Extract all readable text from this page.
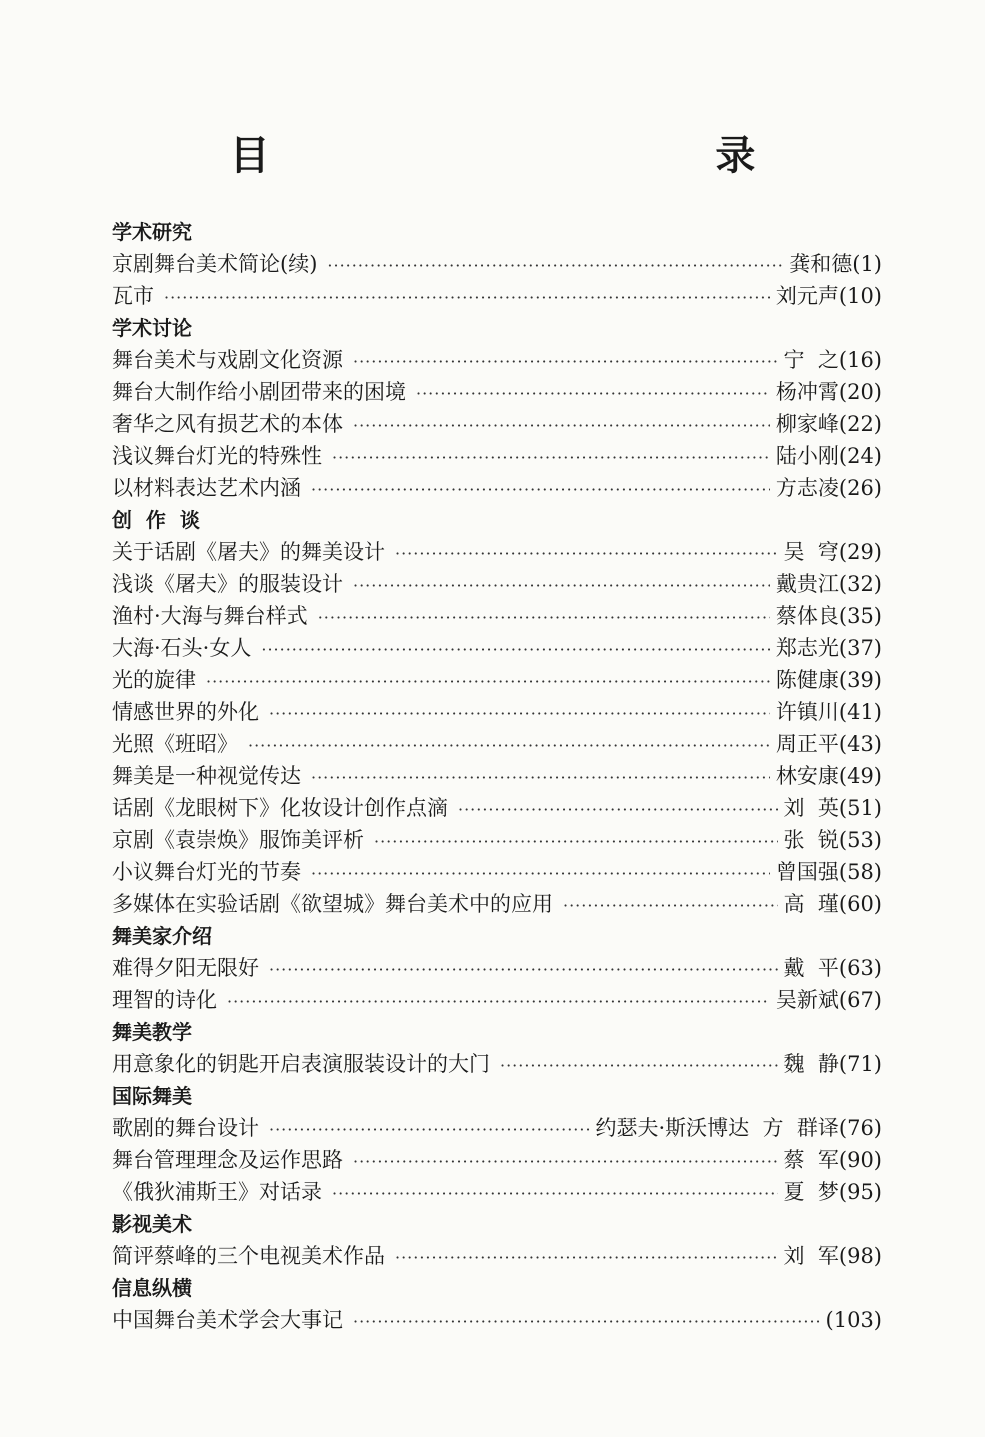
目    录
学术研究
京剧舞台美术简论(续) ·····	龚和德(1)
瓦市 ·····	刘元声(10)
学术讨论
舞台美术与戏剧文化资源 ·····	宁  之(16)
舞台大制作给小剧团带来的困境 ·····	杨冲霄(20)
奢华之风有损艺术的本体 ·····	柳家峰(22)
浅议舞台灯光的特殊性 ·····	陆小刚(24)
以材料表达艺术内涵 ·····	方志凌(26)
创  作  谈
关于话剧《屠夫》的舞美设计 ·····	吴  穹(29)
浅谈《屠夫》的服装设计 ·····	戴贵江(32)
渔村·大海与舞台样式 ·····	蔡体良(35)
大海·石头·女人 ·····	郑志光(37)
光的旋律 ·····	陈健康(39)
情感世界的外化 ·····	许镇川(41)
光照《班昭》 ·····	周正平(43)
舞美是一种视觉传达 ·····	林安康(49)
话剧《龙眼树下》化妆设计创作点滴 ·····	刘  英(51)
京剧《袁崇焕》服饰美评析 ·····	张  锐(53)
小议舞台灯光的节奏 ·····	曾国强(58)
多媒体在实验话剧《欲望城》舞台美术中的应用 ·····	高  瑾(60)
舞美家介绍
难得夕阳无限好 ·····	戴  平(63)
理智的诗化 ·····	吴新斌(67)
舞美教学
用意象化的钥匙开启表演服装设计的大门 ·····	魏  静(71)
国际舞美
歌剧的舞台设计 ·····	约瑟夫·斯沃博达  方  群译(76)
舞台管理理念及运作思路 ·····	蔡  军(90)
《俄狄浦斯王》对话录 ·····	夏  梦(95)
影视美术
简评蔡峰的三个电视美术作品 ·····	刘  军(98)
信息纵横
中国舞台美术学会大事记 ·····	(103)
